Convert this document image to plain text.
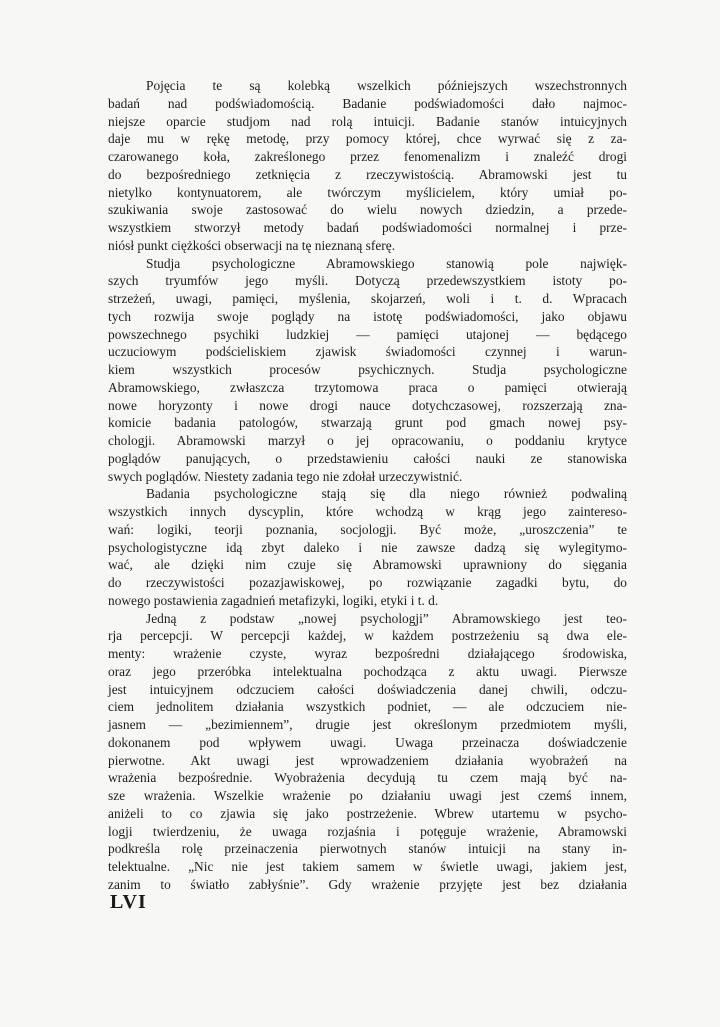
Pojęcia te są kolebką wszelkich późniejszych wszechstronnych
badań nad podświadomością. Badanie podświadomości dało najmoc-
niejsze oparcie studjom nad rolą intuicji. Badanie stanów intuicyjnych
daje mu w rękę metodę, przy pomocy której, chce wyrwać się z za-
czarowanego koła, zakreślonego przez fenomenalizm i znaleźć drogi
do bezpośredniego zetknięcia z rzeczywistością. Abramowski jest tu
nietylko kontynuatorem, ale twórczym myślicielem, który umiał po-
szukiwania swoje zastosować do wielu nowych dziedzin, a przede-
wszystkiem stworzył metody badań podświadomości normalnej i prze-
niósł punkt ciężkości obserwacji na tę nieznaną sferę.

Studja psychologiczne Abramowskiego stanowią pole najwięk-
szych tryumfów jego myśli. Dotyczą przedewszystkiem istoty po-
strzeżeń, uwagi, pamięci, myślenia, skojarzeń, woli i t. d. Wpracach
tych rozwija swoje poglądy na istotę podświadomości, jako objawu
powszechnego psychiki ludzkiej — pamięci utajonej — będącego
uczuciowym podścieliskiem zjawisk świadomości czynnej i warun-
kiem wszystkich procesów psychicznych. Studja psychologiczne
Abramowskiego, zwłaszcza trzytomowa praca o pamięci otwierają
nowe horyzonty i nowe drogi nauce dotychczasowej, rozszerzają zna-
komicie badania patologów, stwarzają grunt pod gmach nowej psy-
chologji. Abramowski marzył o jej opracowaniu, o poddaniu krytyce
poglądów panujących, o przedstawieniu całości nauki ze stanowiska
swych poglądów. Niestety zadania tego nie zdołał urzeczywistnić.

Badania psychologiczne stają się dla niego również podwaliną
wszystkich innych dyscyplin, które wchodzą w krąg jego zaintereso-
wań: logiki, teorji poznania, socjologji. Być może, „uroszczenia” te
psychologistyczne idą zbyt daleko i nie zawsze dadzą się wylegitymo-
wać, ale dzięki nim czuje się Abramowski uprawniony do sięgania
do rzeczywistości pozazjawiskowej, po rozwiązanie zagadki bytu, do
nowego postawienia zagadnień metafizyki, logiki, etyki i t. d.

Jedną z podstaw „nowej psychologji” Abramowskiego jest teo-
rja percepcji. W percepcji każdej, w każdem postrzeżeniu są dwa ele-
menty: wrażenie czyste, wyraz bezpośredni działającego środowiska,
oraz jego przeróbka intelektualna pochodząca z aktu uwagi. Pierwsze
jest intuicyjnem odczuciem całości doświadczenia danej chwili, odczu-
ciem jednolitem działania wszystkich podniet, — ale odczuciem nie-
jasnem — „bezimiennem”, drugie jest określonym przedmiotem myśli,
dokonanem pod wpływem uwagi. Uwaga przeinacza doświadczenie
pierwotne. Akt uwagi jest wprowadzeniem działania wyobrażeń na
wrażenia bezpośrednie. Wyobrażenia decydują tu czem mają być na-
sze wrażenia. Wszelkie wrażenie po działaniu uwagi jest czemś innem,
aniżeli to co zjawia się jako postrzeżenie. Wbrew utartemu w psycho-
logji twierdzeniu, że uwaga rozjaśnia i potęguje wrażenie, Abramowski
podkreśla rolę przeinaczenia pierwotnych stanów intuicji na stany in-
telektualne. „Nic nie jest takiem samem w świetle uwagi, jakiem jest,
zanim to światło zabłyśnie”. Gdy wrażenie przyjęte jest bez działania

LVI
